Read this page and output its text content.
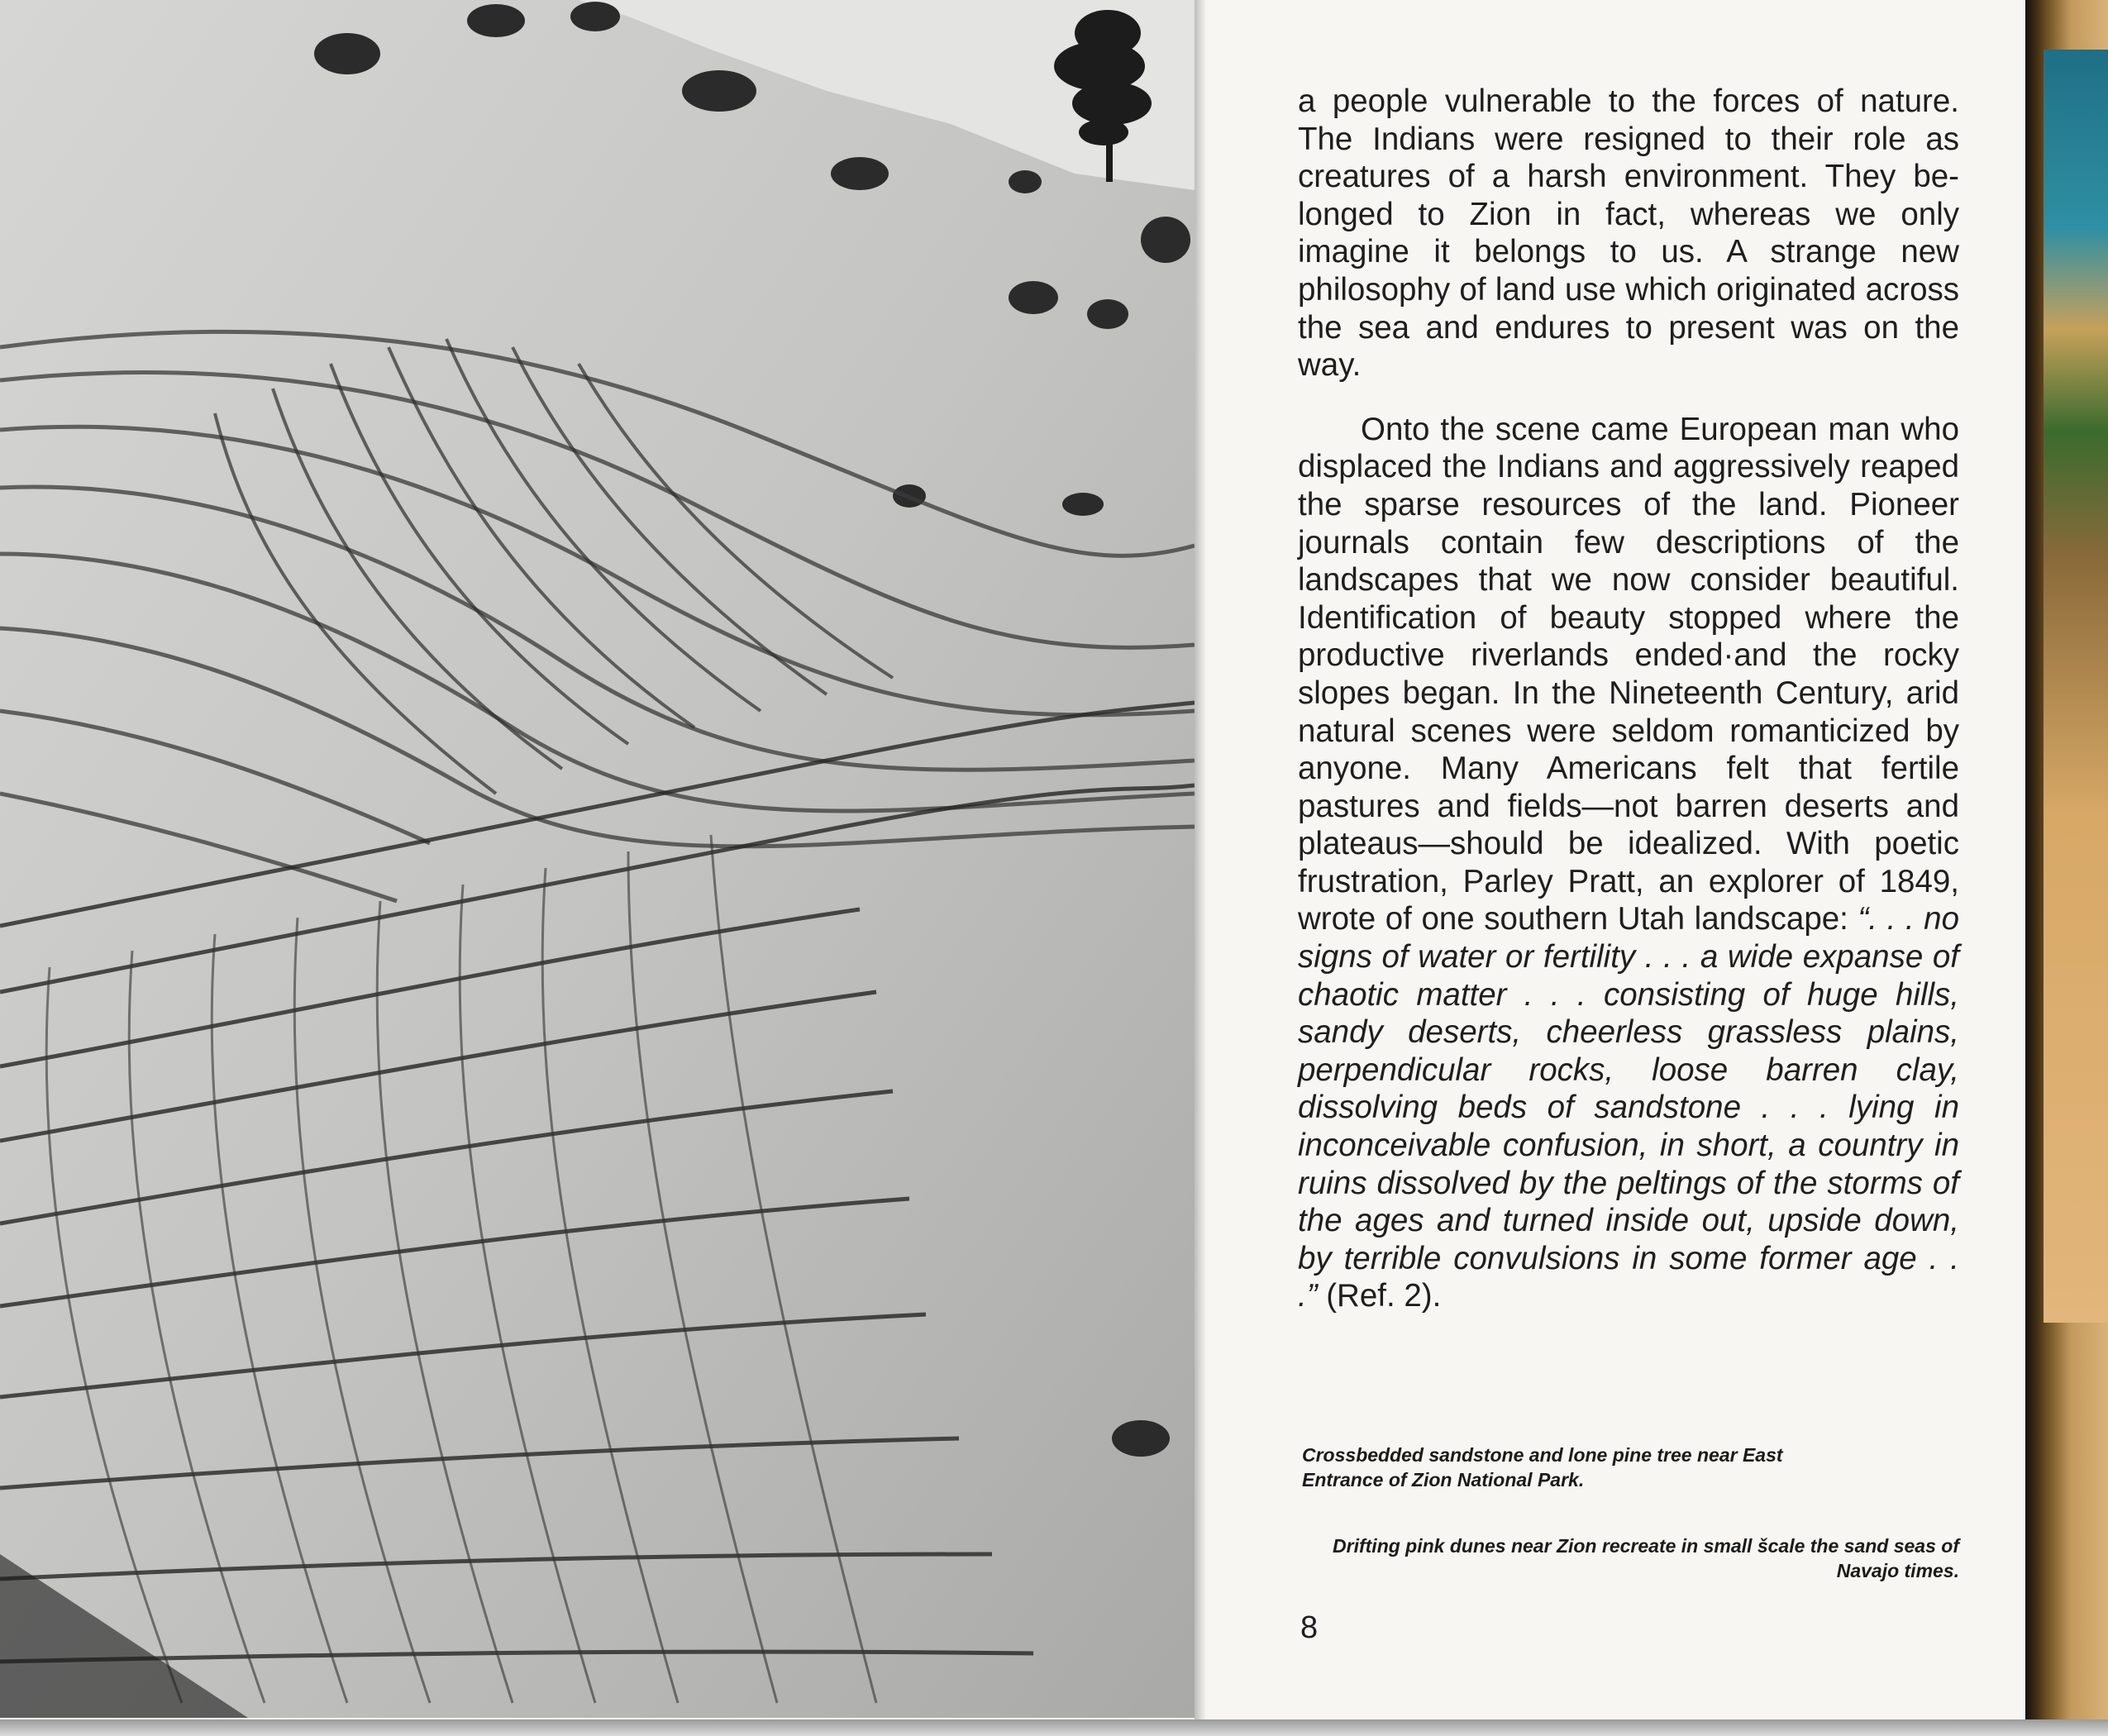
a people vulnerable to the forces of nature. The Indians were resigned to their role as creatures of a harsh environment. They belonged to Zion in fact, whereas we only imagine it belongs to us. A strange new philosophy of land use which originated across the sea and endures to present was on the way.

Onto the scene came European man who displaced the Indians and aggressively reaped the sparse resources of the land. Pioneer journals contain few descriptions of the landscapes that we now consider beautiful. Identification of beauty stopped where the productive riverlands ended·and the rocky slopes began. In the Nineteenth Century, arid natural scenes were seldom romanticized by anyone. Many Americans felt that fertile pastures and fields—not barren deserts and plateaus—should be idealized. With poetic frustration, Parley Pratt, an explorer of 1849, wrote of one southern Utah landscape: “. . . no signs of water or fertility . . . a wide expanse of chaotic matter . . . consisting of huge hills, sandy deserts, cheerless grassless plains, perpendicular rocks, loose barren clay, dissolving beds of sandstone . . . lying in inconceivable confusion, in short, a country in ruins dissolved by the peltings of the storms of the ages and turned inside out, upside down, by terrible convulsions in some former age . . .” (Ref. 2).

Crossbedded sandstone and lone pine tree near East Entrance of Zion National Park.

Drifting pink dunes near Zion recreate in small šcale the sand seas of Navajo times.

8
